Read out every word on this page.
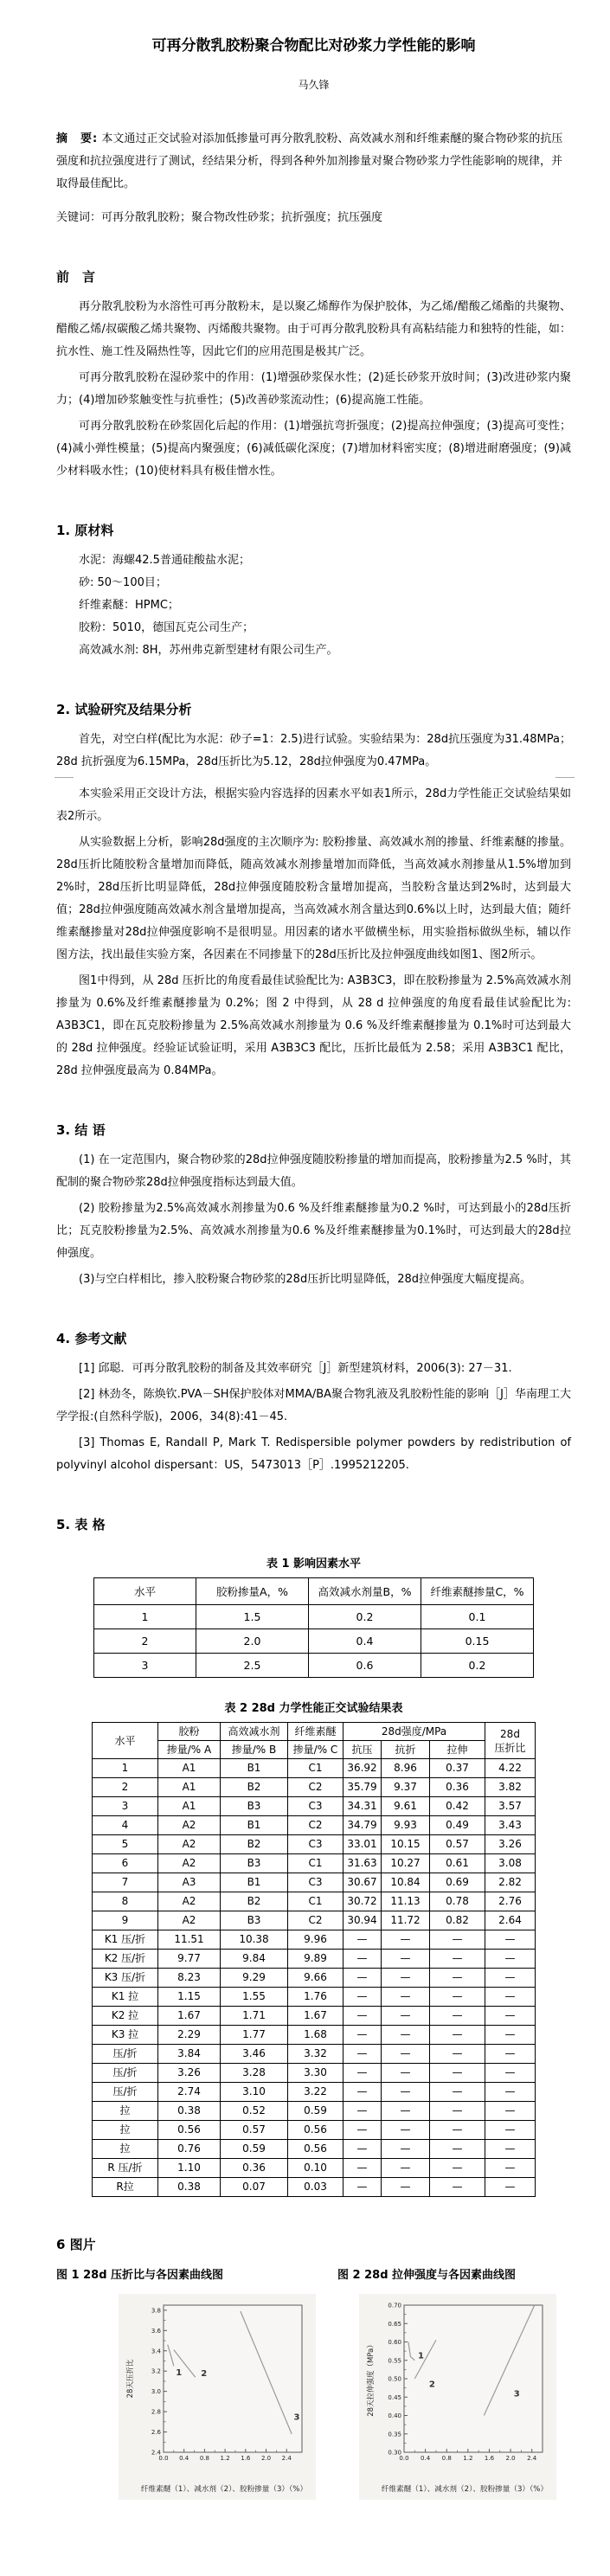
可再分散乳胶粉聚合物配比对砂浆力学性能的影响
马久锋

摘　要: 本文通过正交试验对添加低掺量可再分散乳胶粉、高效减水剂和纤维素醚的聚合物砂浆的抗压强度和抗拉强度进行了测试，经结果分析，得到各种外加剂掺量对聚合物砂浆力学性能影响的规律，并取得最佳配比。

关键词：可再分散乳胶粉；聚合物改性砂浆；抗折强度；抗压强度

前　言

再分散乳胶粉为水溶性可再分散粉末，是以聚乙烯醇作为保护胶体，为乙烯/醋酸乙烯酯的共聚物、醋酸乙烯/叔碳酸乙烯共聚物、丙烯酸共聚物。由于可再分散乳胶粉具有高粘结能力和独特的性能，如：抗水性、施工性及隔热性等，因此它们的应用范围是极其广泛。

可再分散乳胶粉在湿砂浆中的作用：(1)增强砂浆保水性；(2)延长砂浆开放时间；(3)改进砂浆内聚力；(4)增加砂浆触变性与抗垂性；(5)改善砂浆流动性；(6)提高施工性能。

可再分散乳胶粉在砂浆固化后起的作用：(1)增强抗弯折强度；(2)提高拉伸强度；(3)提高可变性；(4)减小弹性模量；(5)提高内聚强度；(6)减低碳化深度；(7)增加材料密实度；(8)增进耐磨强度；(9)减少材料吸水性；(10)使材料具有极佳憎水性。

1. 原材料

水泥：海螺42.5普通硅酸盐水泥；

砂: 50～100目；

纤维素醚：HPMC；

胶粉：5010，德国瓦克公司生产；

高效减水剂: 8H，苏州弗克新型建材有限公司生产。

2. 试验研究及结果分析

首先，对空白样(配比为水泥：砂子=1：2.5)进行试验。实验结果为：28d抗压强度为31.48MPa； 28d 抗折强度为6.15MPa，28d压折比为5.12，28d拉伸强度为0.47MPa。

本实验采用正交设计方法，根据实验内容选择的因素水平如表1所示，28d力学性能正交试验结果如表2所示。

从实验数据上分析，影响28d强度的主次顺序为: 胶粉掺量、高效减水剂的掺量、纤维素醚的掺量。28d压折比随胶粉含量增加而降低，随高效减水剂掺量增加而降低，当高效减水剂掺量从1.5%增加到2%时，28d压折比明显降低，28d拉伸强度随胶粉含量增加提高，当胶粉含量达到2%时，达到最大值；28d拉伸强度随高效减水剂含量增加提高，当高效减水剂含量达到0.6%以上时，达到最大值；随纤维素醚掺量对28d拉伸强度影响不是很明显。用因素的诸水平做横坐标，用实验指标做纵坐标，辅以作图方法，找出最佳实验方案，各因素在不同掺量下的28d压折比及拉伸强度曲线如图1、图2所示。

图1中得到，从 28d 压折比的角度看最佳试验配比为: A3B3C3，即在胶粉掺量为 2.5%高效减水剂掺量为 0.6%及纤维素醚掺量为 0.2%；图 2 中得到，从 28 d 拉伸强度的角度看最佳试验配比为: A3B3C1，即在瓦克胶粉掺量为 2.5%高效减水剂掺量为 0.6 %及纤维素醚掺量为 0.1%时可达到最大的 28d 拉伸强度。经验证试验证明，采用 A3B3C3 配比，压折比最低为 2.58；采用 A3B3C1 配比，28d 拉伸强度最高为 0.84MPa。

3. 结 语

(1) 在一定范围内，聚合物砂浆的28d拉伸强度随胶粉掺量的增加而提高，胶粉掺量为2.5 %时，其配制的聚合物砂浆28d拉伸强度指标达到最大值。

(2) 胶粉掺量为2.5%高效减水剂掺量为0.6 %及纤维素醚掺量为0.2 %时，可达到最小的28d压折比；瓦克胶粉掺量为2.5%、高效减水剂掺量为0.6 %及纤维素醚掺量为0.1%时，可达到最大的28d拉伸强度。

(3)与空白样相比，掺入胶粉聚合物砂浆的28d压折比明显降低，28d拉伸强度大幅度提高。

4. 参考文献

[1] 邱聪．可再分散乳胶粉的制备及其效率研究［J］新型建筑材料，2006(3): 27－31.

[2] 林劲冬，陈焕钦.PVA－SH保护胶体对MMA/BA聚合物乳液及乳胶粉性能的影响［J］华南理工大学学报:(自然科学版)，2006，34(8):41－45.

[3] Thomas E, Randall P, Mark T. Redispersible polymer powders by redistribution of polyvinyl alcohol dispersant：US，5473013［P］.1995212205.

5. 表 格
表 1 影响因素水平
水平	胶粉掺量A，%	高效减水剂量B，%	纤维素醚掺量C，%
1	1.5	0.2	0.1
2	2.0	0.4	0.15
3	2.5	0.6	0.2
表 2 28d 力学性能正交试验结果表
水平	胶粉	高效减水剂	纤维素醚	28d强度/MPa			28d
压折比

	掺量/% A	掺量/% B	掺量/% C	抗压	抗折	拉伸	
1	A1	B1	C1	36.92	8.96	0.37	4.22
2	A1	B2	C2	35.79	9.37	0.36	3.82
3	A1	B3	C3	34.31	9.61	0.42	3.57
4	A2	B1	C2	34.79	9.93	0.49	3.43
5	A2	B2	C3	33.01	10.15	0.57	3.26
6	A2	B3	C1	31.63	10.27	0.61	3.08
7	A3	B1	C3	30.67	10.84	0.69	2.82
8	A2	B2	C1	30.72	11.13	0.78	2.76
9	A2	B3	C2	30.94	11.72	0.82	2.64
K1 压/折	11.51	10.38	9.96	—	—	—	—
K2 压/折	9.77	9.84	9.89	—	—	—	—
K3 压/折	8.23	9.29	9.66	—	—	—	—
K1 拉	1.15	1.55	1.76	—	—	—	—
K2 拉	1.67	1.71	1.67	—	—	—	—
K3 拉	2.29	1.77	1.68	—	—	—	—
压/折	3.84	3.46	3.32	—	—	—	—
压/折	3.26	3.28	3.30	—	—	—	—
压/折	2.74	3.10	3.22	—	—	—	—
拉	0.38	0.52	0.59	—	—	—	—
拉	0.56	0.57	0.56	—	—	—	—
拉	0.76	0.59	0.56	—	—	—	—
R 压/折	1.10	0.36	0.10	—	—	—	—
R拉	0.38	0.07	0.03	—	—	—	—
6 图片
图 1 28d 压折比与各因素曲线图
2.4
2.6
2.8
3.0
3.2
3.4
3.6
3.8
0.0 0.4 0.8 1.2 1.6 2.0 2.4
28天压折比
纤维素醚（1）、减水剂（2）、胶粉掺量（3）（%）
1 2
3
图 2 28d 拉伸强度与各因素曲线图
0.30
0.35
0.40
0.45
0.50
0.55
0.60
0.65
0.70
0.0 0.4 0.8 1.2 1.6 2.0 2.4
28天拉伸强度（MPa）
纤维素醚（1）、减水剂（2）、胶粉掺量（3）（%）
1
2
3
